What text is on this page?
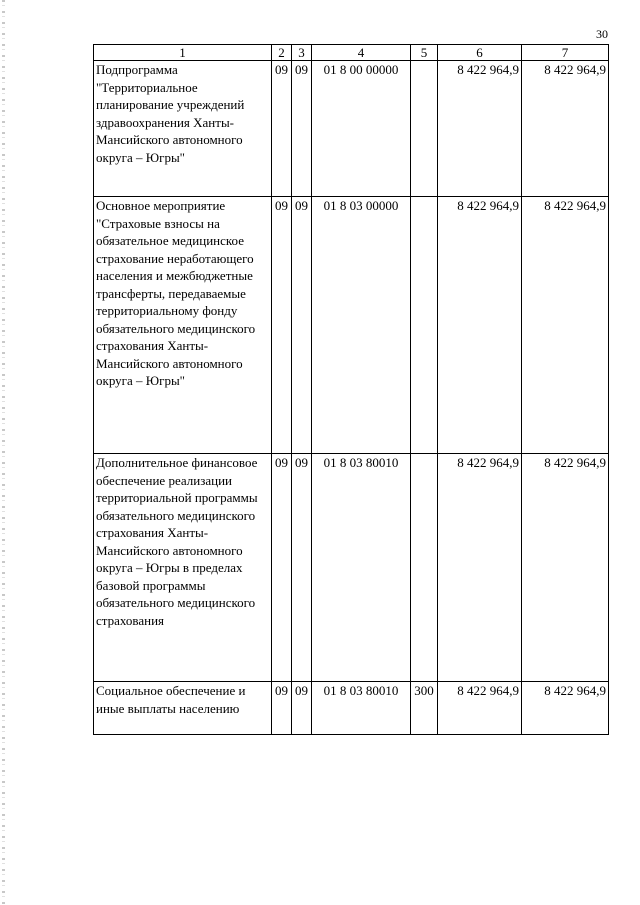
30
1	2	3	4	5	6	7
Подпрограмма "Территориальное планирование учреждений здравоохранения Ханты-Мансийского автономного округа – Югры"	09	09	01 8 00 00000		8 422 964,9	8 422 964,9
Основное мероприятие "Страховые взносы на обязательное медицинское страхование неработающего населения и межбюджетные трансферты, передаваемые территориальному фонду обязательного медицинского страхования Ханты-Мансийского автономного округа – Югры"	09	09	01 8 03 00000		8 422 964,9	8 422 964,9
Дополнительное финансовое обеспечение реализации территориальной программы обязательного медицинского страхования Ханты-Мансийского автономного округа – Югры в пределах базовой программы обязательного медицинского страхования	09	09	01 8 03 80010		8 422 964,9	8 422 964,9
Социальное обеспечение и иные выплаты населению	09	09	01 8 03 80010	300	8 422 964,9	8 422 964,9
